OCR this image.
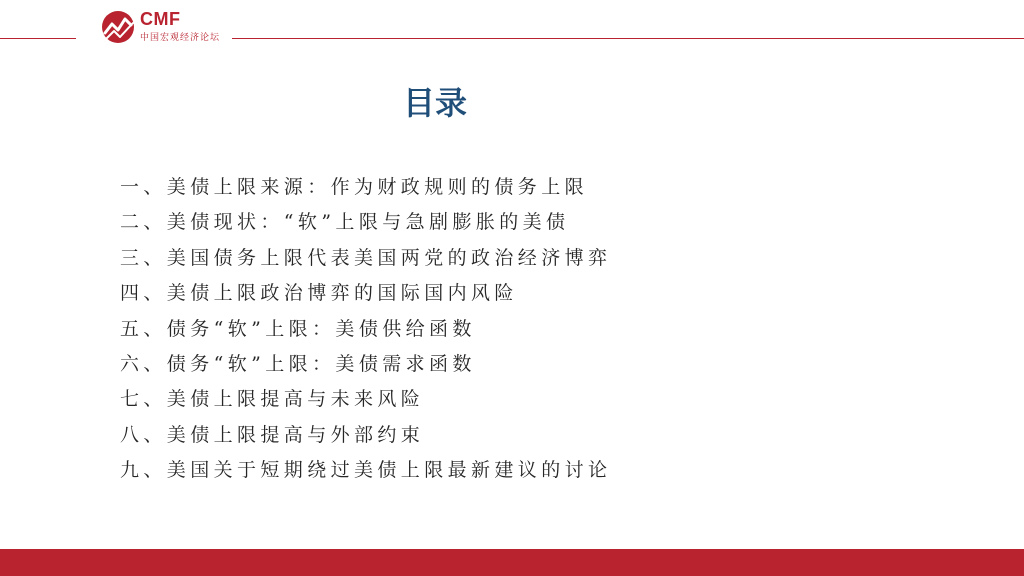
CMF
中国宏观经济论坛
目录
一、美债上限来源：作为财政规则的债务上限
二、美债现状：“软”上限与急剧膨胀的美债
三、美国债务上限代表美国两党的政治经济博弈
四、美债上限政治博弈的国际国内风险
五、债务“软”上限：美债供给函数
六、债务“软”上限：美债需求函数
七、美债上限提高与未来风险
八、美债上限提高与外部约束
九、美国关于短期绕过美债上限最新建议的讨论
